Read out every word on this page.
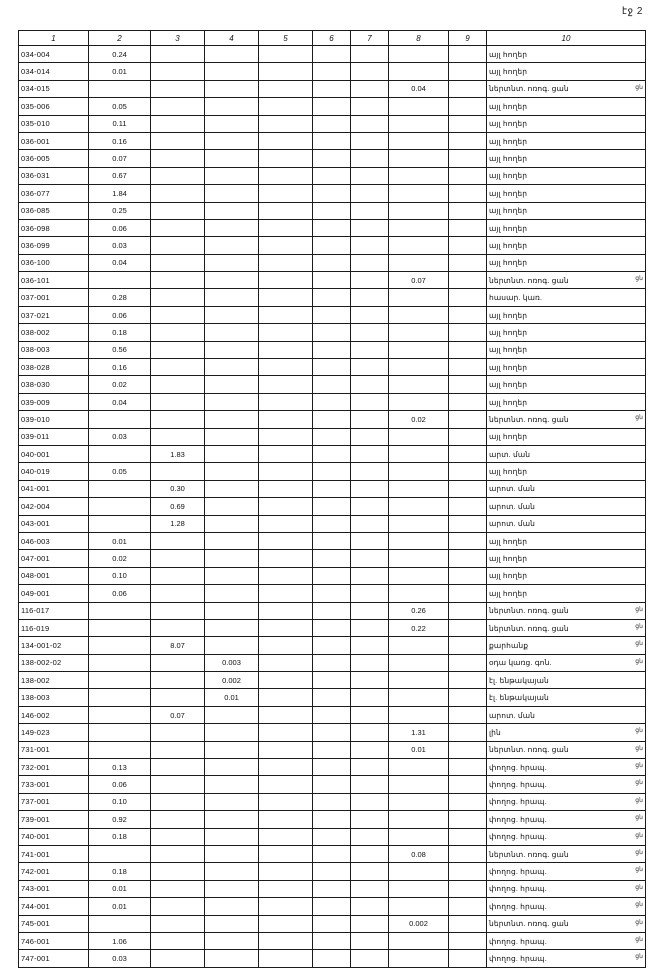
էջ 2
1	2	3	4	5	6	7	8	9	10
034-004	0.24								այլ հողեր

034-014	0.01								այլ հողեր

034-015							0.04		ներտնտ. ոռոգ. ցան ցն

035-006	0.05								այլ հողեր

035-010	0.11								այլ հողեր

036-001	0.16								այլ հողեր

036-005	0.07								այլ հողեր

036-031	0.67								այլ հողեր

036-077	1.84								այլ հողեր

036-085	0.25								այլ հողեր

036-098	0.06								այլ հողեր

036-099	0.03								այլ հողեր

036-100	0.04								այլ հողեր

036-101							0.07		ներտնտ. ոռոգ. ցան ցն

037-001	0.28								հասար. կառ.

037-021	0.06								այլ հողեր

038-002	0.18								այլ հողեր

038-003	0.56								այլ հողեր

038-028	0.16								այլ հողեր

038-030	0.02								այլ հողեր

039-009	0.04								այլ հողեր

039-010							0.02		ներտնտ. ոռոգ. ցան ցն

039-011	0.03								այլ հողեր

040-001		1.83							արտ. ման

040-019	0.05								այլ հողեր

041-001		0.30							արոտ. ման

042-004		0.69							արոտ. ման

043-001		1.28							արոտ. ման

046-003	0.01								այլ հողեր

047-001	0.02								այլ հողեր

048-001	0.10								այլ հողեր

049-001	0.06								այլ հողեր

116-017							0.26		ներտնտ. ոռոգ. ցան ցն

116-019							0.22		ներտնտ. ոռոգ. ցան ցն

134-001-02		8.07							քարհանք ցն

138-002-02			0.003						օդա կառց. գոն. ցն

138-002			0.002						էլ. ենթակայան

138-003			0.01						էլ. ենթակայան

146-002		0.07							արոտ. ման

149-023							1.31		լին ցն

731-001							0.01		ներտնտ. ոռոգ. ցան ցն

732-001	0.13								փողոց. հրապ. ցն

733-001	0.06								փողոց. հրապ. ցն

737-001	0.10								փողոց. հրապ. ցն

739-001	0.92								փողոց. հրապ. ցն

740-001	0.18								փողոց. հրապ. ցն

741-001							0.08		ներտնտ. ոռոգ. ցան ցն

742-001	0.18								փողոց. հրապ. ցն

743-001	0.01								փողոց. հրապ. ցն

744-001	0.01								փողոց. հրապ. ցն

745-001							0.002		ներտնտ. ոռոգ. ցան ցն

746-001	1.06								փողոց. հրապ. ցն

747-001	0.03								փողոց. հրապ. ցն
